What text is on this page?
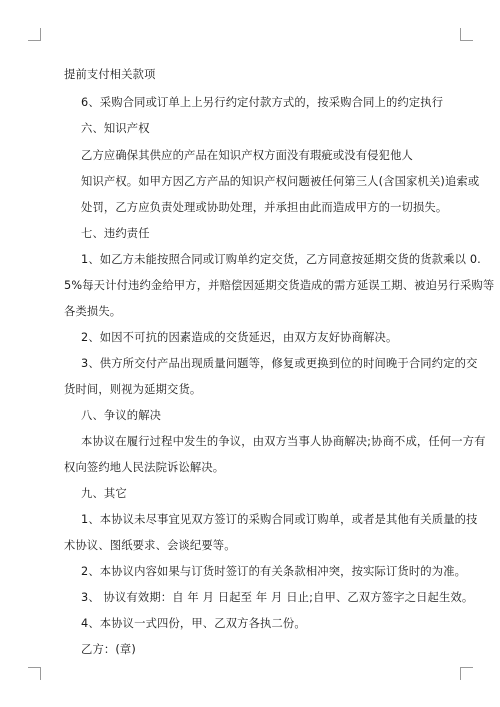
提前支付相关款项
6、采购合同或订单上上另行约定付款方式的，按采购合同上的约定执行
六、知识产权
乙方应确保其供应的产品在知识产权方面没有瑕疵或没有侵犯他人
知识产权。如甲方因乙方产品的知识产权问题被任何第三人(含国家机关)追索或
处罚，乙方应负责处理或协助处理，并承担由此而造成甲方的一切损失。
七、违约责任
1、如乙方未能按照合同或订购单约定交货，乙方同意按延期交货的货款乘以 0.
5%每天计付违约金给甲方，并赔偿因延期交货造成的需方延误工期、被迫另行采购等
各类损失。
2、如因不可抗的因素造成的交货延迟，由双方友好协商解决。
3、供方所交付产品出现质量问题等，修复或更换到位的时间晚于合同约定的交
货时间，则视为延期交货。
八、争议的解决
本协议在履行过程中发生的争议，由双方当事人协商解决;协商不成，任何一方有
权向签约地人民法院诉讼解决。
九、其它
1、本协议未尽事宜见双方签订的采购合同或订购单，或者是其他有关质量的技
术协议、图纸要求、会谈纪要等。
2、本协议内容如果与订货时签订的有关条款相冲突，按实际订货时的为准。
3、 协议有效期：自 年 月 日起至 年 月 日止;自甲、乙双方签字之日起生效。
4、本协议一式四份，甲、乙双方各执二份。
乙方：(章)
